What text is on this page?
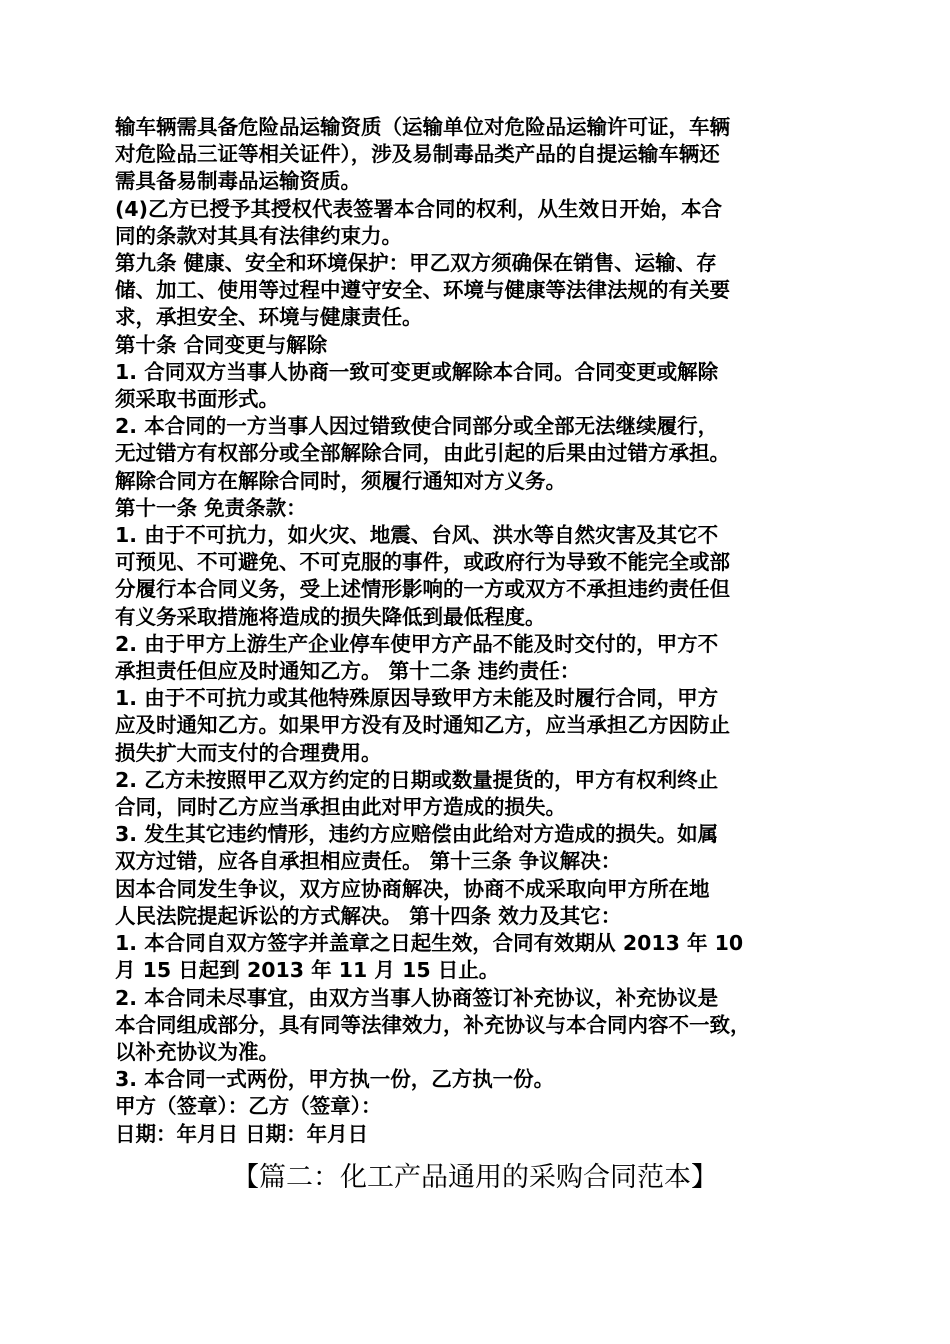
输车辆需具备危险品运输资质（运输单位对危险品运输许可证，车辆
对危险品三证等相关证件），涉及易制毒品类产品的自提运输车辆还
需具备易制毒品运输资质。
(4)乙方已授予其授权代表签署本合同的权利，从生效日开始，本合
同的条款对其具有法律约束力。
第九条 健康、安全和环境保护：甲乙双方须确保在销售、运输、存
储、加工、使用等过程中遵守安全、环境与健康等法律法规的有关要
求，承担安全、环境与健康责任。
第十条 合同变更与解除
1. 合同双方当事人协商一致可变更或解除本合同。合同变更或解除
须采取书面形式。
2. 本合同的一方当事人因过错致使合同部分或全部无法继续履行，
无过错方有权部分或全部解除合同，由此引起的后果由过错方承担。
解除合同方在解除合同时，须履行通知对方义务。
第十一条 免责条款：
1. 由于不可抗力，如火灾、地震、台风、洪水等自然灾害及其它不
可预见、不可避免、不可克服的事件，或政府行为导致不能完全或部
分履行本合同义务，受上述情形影响的一方或双方不承担违约责任但
有义务采取措施将造成的损失降低到最低程度。
2. 由于甲方上游生产企业停车使甲方产品不能及时交付的，甲方不
承担责任但应及时通知乙方。 第十二条 违约责任：
1. 由于不可抗力或其他特殊原因导致甲方未能及时履行合同，甲方
应及时通知乙方。如果甲方没有及时通知乙方，应当承担乙方因防止
损失扩大而支付的合理费用。
2. 乙方未按照甲乙双方约定的日期或数量提货的，甲方有权利终止
合同，同时乙方应当承担由此对甲方造成的损失。
3. 发生其它违约情形，违约方应赔偿由此给对方造成的损失。如属
双方过错，应各自承担相应责任。 第十三条 争议解决：
因本合同发生争议，双方应协商解决，协商不成采取向甲方所在地
人民法院提起诉讼的方式解决。 第十四条 效力及其它：
1. 本合同自双方签字并盖章之日起生效，合同有效期从 2013 年 10
月 15 日起到 2013 年 11 月 15 日止。
2. 本合同未尽事宜，由双方当事人协商签订补充协议，补充协议是
本合同组成部分，具有同等法律效力，补充协议与本合同内容不一致，
以补充协议为准。
3. 本合同一式两份，甲方执一份，乙方执一份。
甲方（签章）：乙方（签章）：
日期：年月日 日期：年月日
【篇二：化工产品通用的采购合同范本】
